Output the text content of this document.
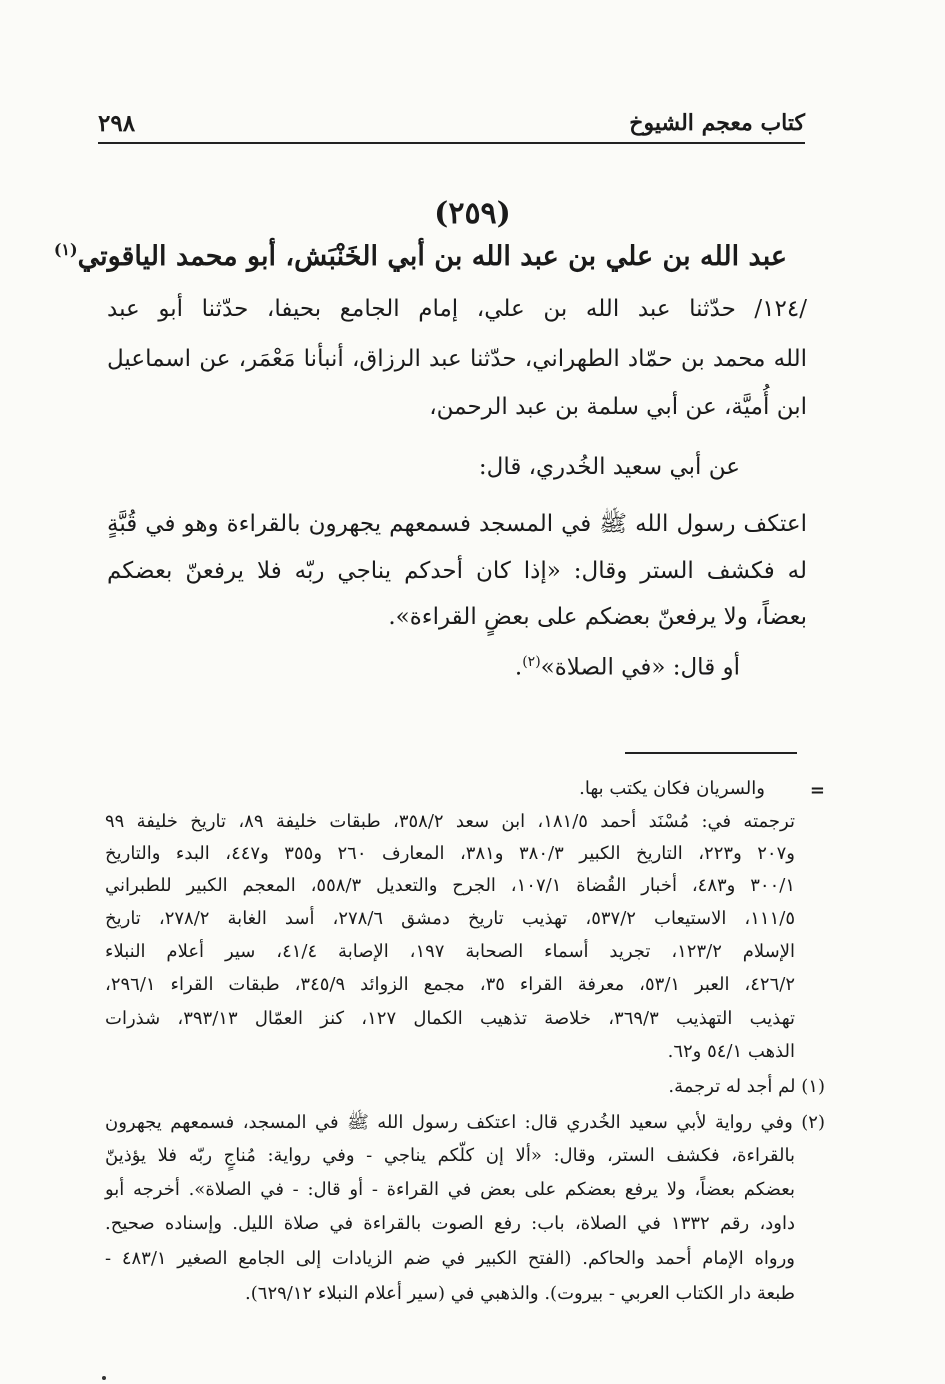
كتاب معجم الشيوخ
٢٩٨
(٢٥٩)
عبد الله بن علي بن عبد الله بن أبي الخَنْبَش، أبو محمد الياقوتي$^{(١)}$
/١٢٤/ حدّثنا عبد الله بن علي، إمام الجامع بحيفا، حدّثنا أبو عبد
الله محمد بن حمّاد الطهراني، حدّثنا عبد الرزاق، أنبأنا مَعْمَر، عن اسماعيل
ابن أُميَّة، عن أبي سلمة بن عبد الرحمن،
عن أبي سعيد الخُدري، قال:
اعتكف رسول الله ﷺ في المسجد فسمعهم يجهرون بالقراءة وهو في قُبَّةٍ
له فكشف الستر وقال: «إذا كان أحدكم يناجي ربّه فلا يرفعنّ بعضكم
بعضاً، ولا يرفعنّ بعضكم على بعضٍ القراءة».
أو قال: «في الصلاة»$^{(٢)}$.
=
والسريان فكان يكتب بها.
ترجمته في: مُسْنَد أحمد ١٨١/٥، ابن سعد ٣٥٨/٢، طبقات خليفة ٨٩، تاريخ خليفة ٩٩
و٢٠٧ و٢٢٣، التاريخ الكبير ٣٨٠/٣ و٣٨١، المعارف ٢٦٠ و٣٥٥ و٤٤٧، البدء والتاريخ
٣٠٠/١ و٤٨٣، أخبار القُضاة ١٠٧/١، الجرح والتعديل ٥٥٨/٣، المعجم الكبير للطبراني
١١١/٥، الاستيعاب ٥٣٧/٢، تهذيب تاريخ دمشق ٢٧٨/٦، أسد الغابة ٢٧٨/٢، تاريخ
الإسلام ١٢٣/٢، تجريد أسماء الصحابة ١٩٧، الإصابة ٤١/٤، سير أعلام النبلاء
٤٢٦/٢، العبر ٥٣/١، معرفة القراء ٣٥، مجمع الزوائد ٣٤٥/٩، طبقات القراء ٢٩٦/١،
تهذيب التهذيب ٣٦٩/٣، خلاصة تذهيب الكمال ١٢٧، كنز العمّال ٣٩٣/١٣، شذرات
الذهب ٥٤/١ و٦٢.
(١) لم أجد له ترجمة.
(٢) وفي رواية لأبي سعيد الخُدري قال: اعتكف رسول الله ﷺ في المسجد، فسمعهم يجهرون
بالقراءة، فكشف الستر، وقال: «ألا إن كلّكم يناجي - وفي رواية: مُناجٍ ربّه فلا يؤذينّ
بعضكم بعضاً، ولا يرفع بعضكم على بعض في القراءة - أو قال: - في الصلاة». أخرجه أبو
داود، رقم ١٣٣٢ في الصلاة، باب: رفع الصوت بالقراءة في صلاة الليل. وإسناده صحيح.
ورواه الإمام أحمد والحاكم. (الفتح الكبير في ضم الزيادات إلى الجامع الصغير ٤٨٣/١ -
طبعة دار الكتاب العربي - بيروت). والذهبي في (سير أعلام النبلاء ٦٢٩/١٢).
